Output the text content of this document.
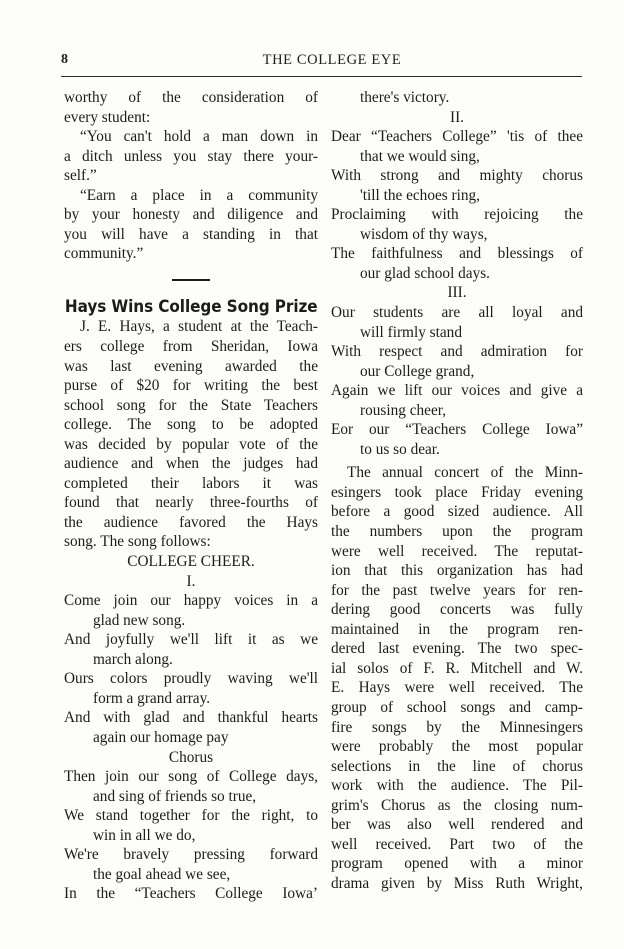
8	THE COLLEGE EYE
worthy of the consideration of
every student:
“You can't hold a man down in
a ditch unless you stay there your-
self.”
“Earn a place in a community
by your honesty and diligence and
you will have a standing in that
community.”
Hays Wins College Song Prize
J. E. Hays, a student at the Teach-
ers college from Sheridan, Iowa
was last evening awarded the
purse of $20 for writing the best
school song for the State Teachers
college. The song to be adopted
was decided by popular vote of the
audience and when the judges had
completed their labors it was
found that nearly three-fourths of
the audience favored the Hays
song. The song follows:
COLLEGE CHEER.
I.
Come join our happy voices in a
glad new song.
And joyfully we'll lift it as we
march along.
Ours colors proudly waving we'll
form a grand array.
And with glad and thankful hearts
again our homage pay
Chorus
Then join our song of College days,
and sing of friends so true,
We stand together for the right, to
win in all we do,
We're bravely pressing forward
the goal ahead we see,
In the “Teachers College Iowa’
there's victory.
II.
Dear “Teachers College” 'tis of thee
that we would sing,
With strong and mighty chorus
'till the echoes ring,
Proclaiming with rejoicing the
wisdom of thy ways,
The faithfulness and blessings of
our glad school days.
III.
Our students are all loyal and
will firmly stand
With respect and admiration for
our College grand,
Again we lift our voices and give a
rousing cheer,
Eor our “Teachers College Iowa”
to us so dear.
The annual concert of the Minn-
esingers took place Friday evening
before a good sized audience. All
the numbers upon the program
were well received. The reputat-
ion that this organization has had
for the past twelve years for ren-
dering good concerts was fully
maintained in the program ren-
dered last evening. The two spec-
ial solos of F. R. Mitchell and W.
E. Hays were well received. The
group of school songs and camp-
fire songs by the Minnesingers
were probably the most popular
selections in the line of chorus
work with the audience. The Pil-
grim's Chorus as the closing num-
ber was also well rendered and
well received. Part two of the
program opened with a minor
drama given by Miss Ruth Wright,
